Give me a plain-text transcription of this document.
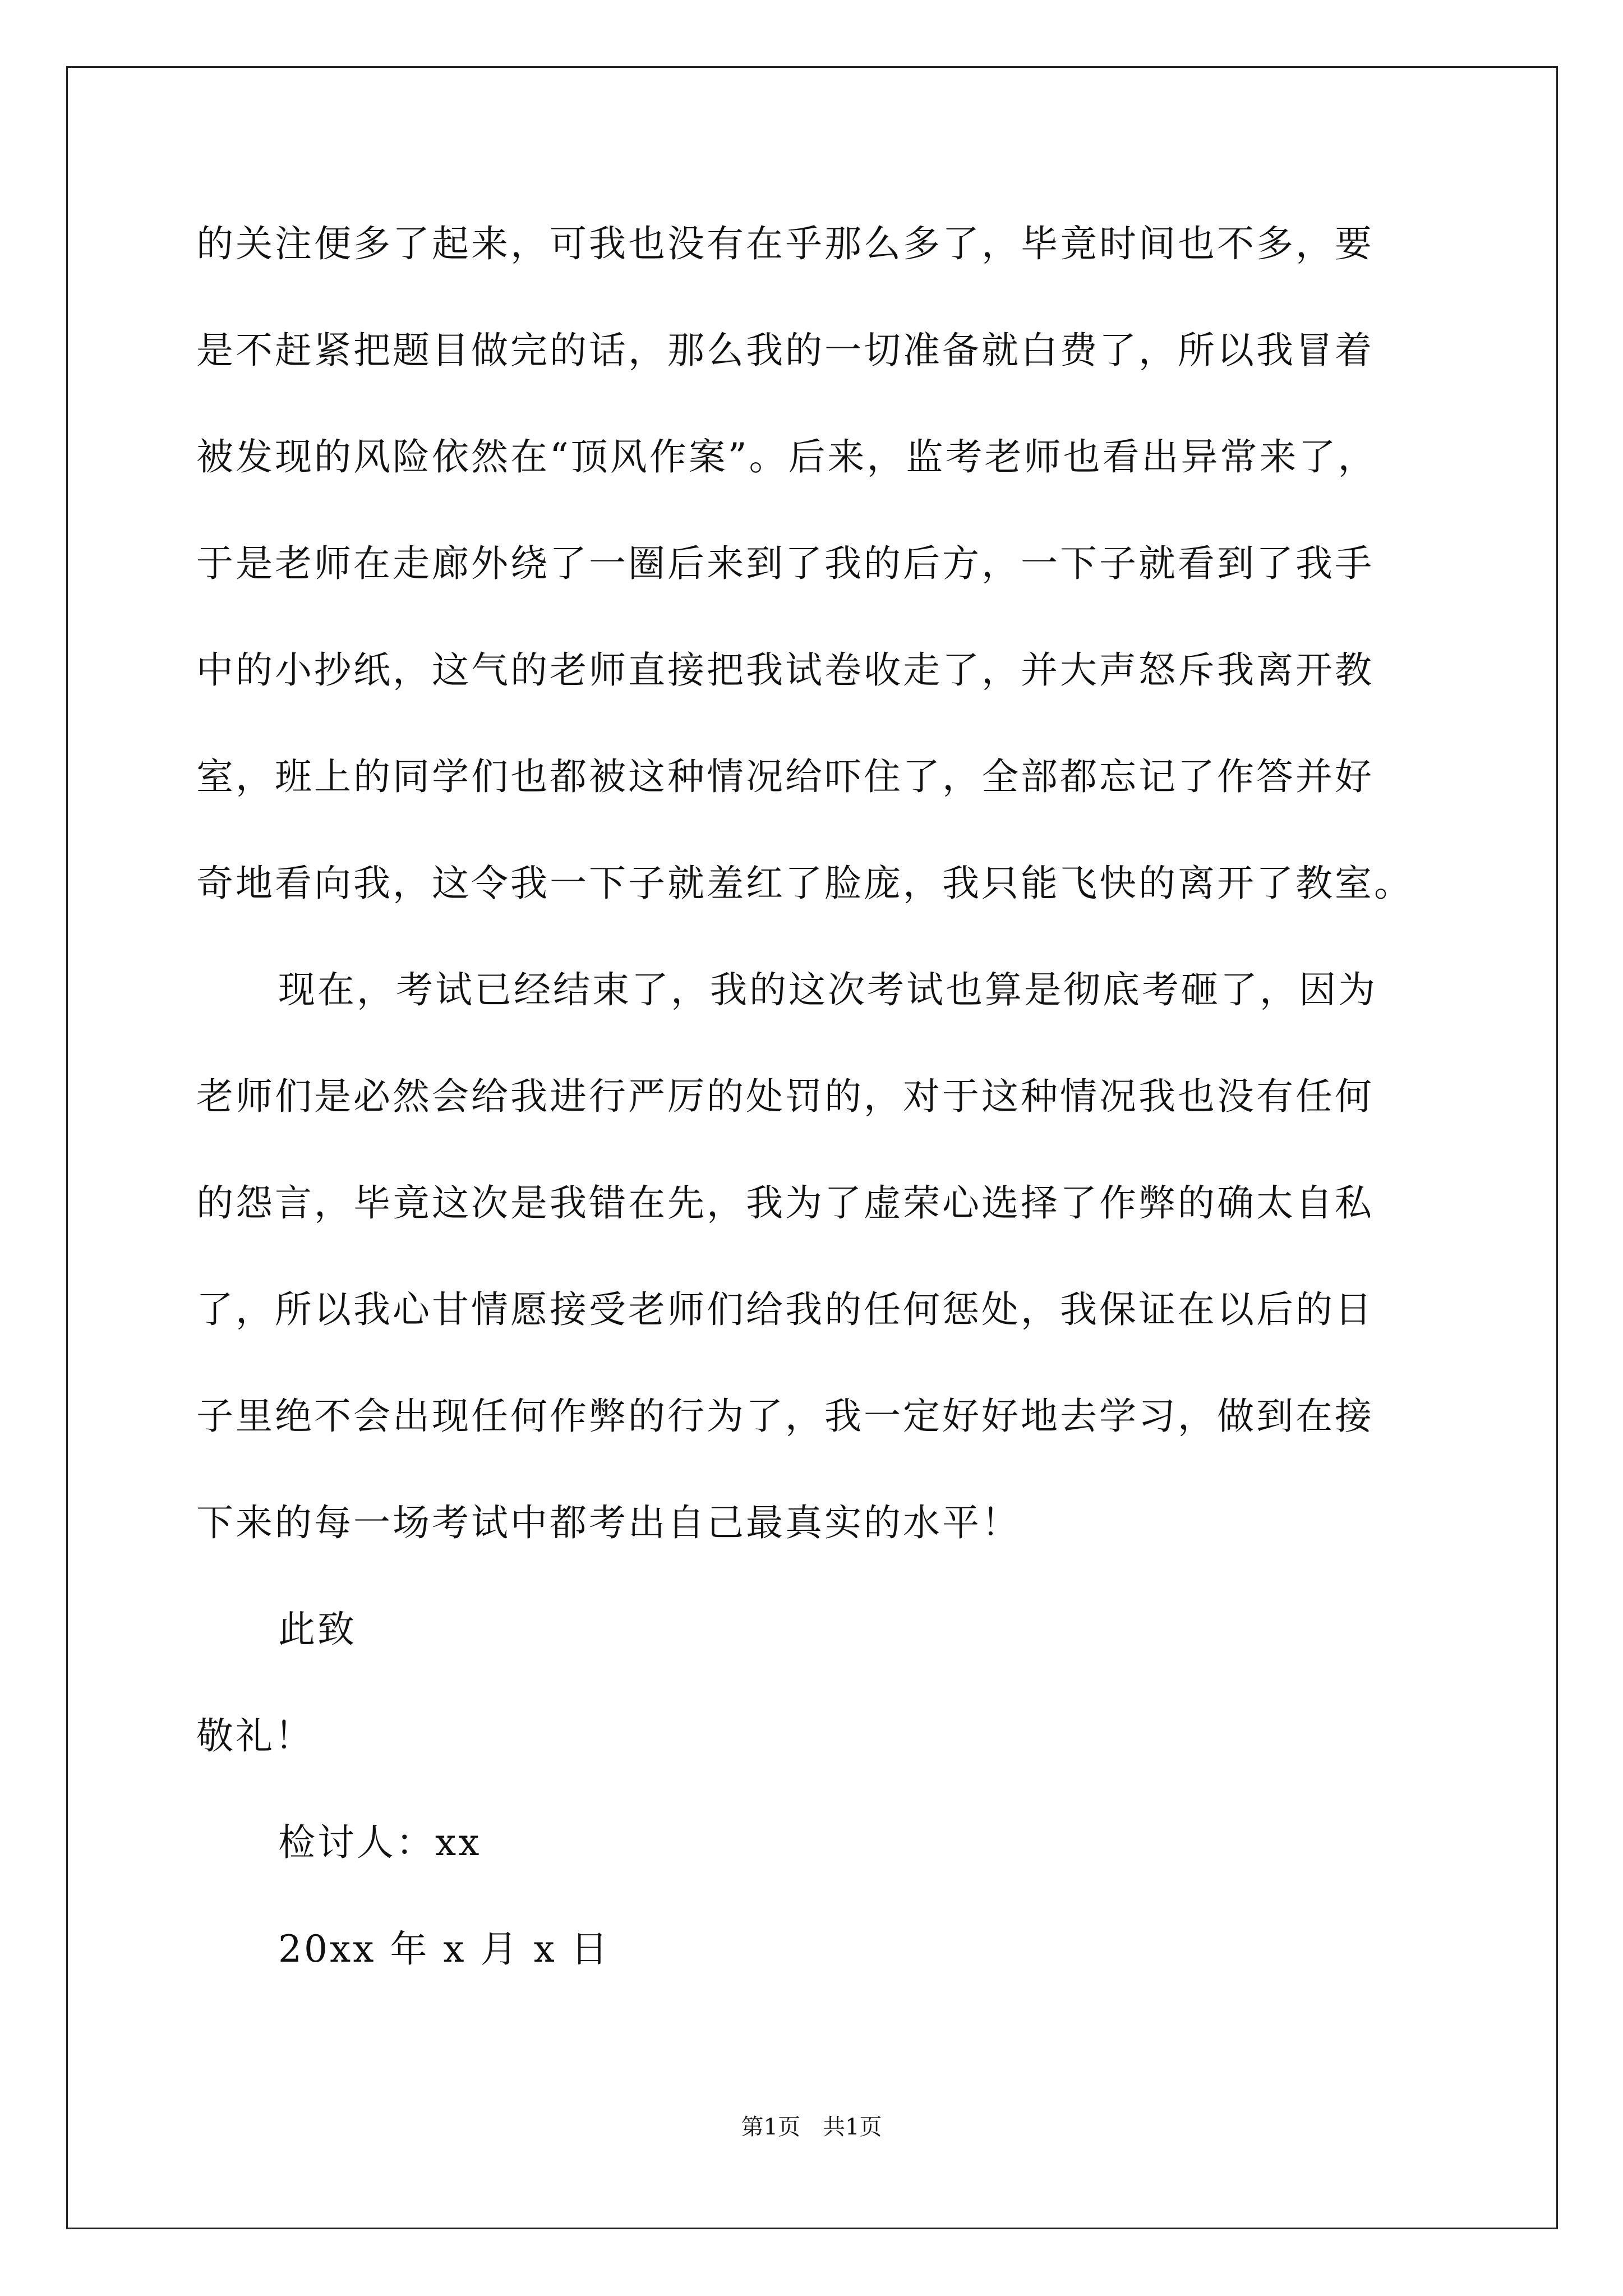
的关注便多了起来，可我也没有在乎那么多了，毕竟时间也不多，要
是不赶紧把题目做完的话，那么我的一切准备就白费了，所以我冒着
被发现的风险依然在“顶风作案”。后来，监考老师也看出异常来了，
于是老师在走廊外绕了一圈后来到了我的后方，一下子就看到了我手
中的小抄纸，这气的老师直接把我试卷收走了，并大声怒斥我离开教
室，班上的同学们也都被这种情况给吓住了，全部都忘记了作答并好
奇地看向我，这令我一下子就羞红了脸庞，我只能飞快的离开了教室。
现在，考试已经结束了，我的这次考试也算是彻底考砸了，因为
老师们是必然会给我进行严厉的处罚的，对于这种情况我也没有任何
的怨言，毕竟这次是我错在先，我为了虚荣心选择了作弊的确太自私
了，所以我心甘情愿接受老师们给我的任何惩处，我保证在以后的日
子里绝不会出现任何作弊的行为了，我一定好好地去学习，做到在接
下来的每一场考试中都考出自己最真实的水平！
此致
敬礼！
检讨人：xx
20xx 年 x 月 x 日
第1页 共1页
